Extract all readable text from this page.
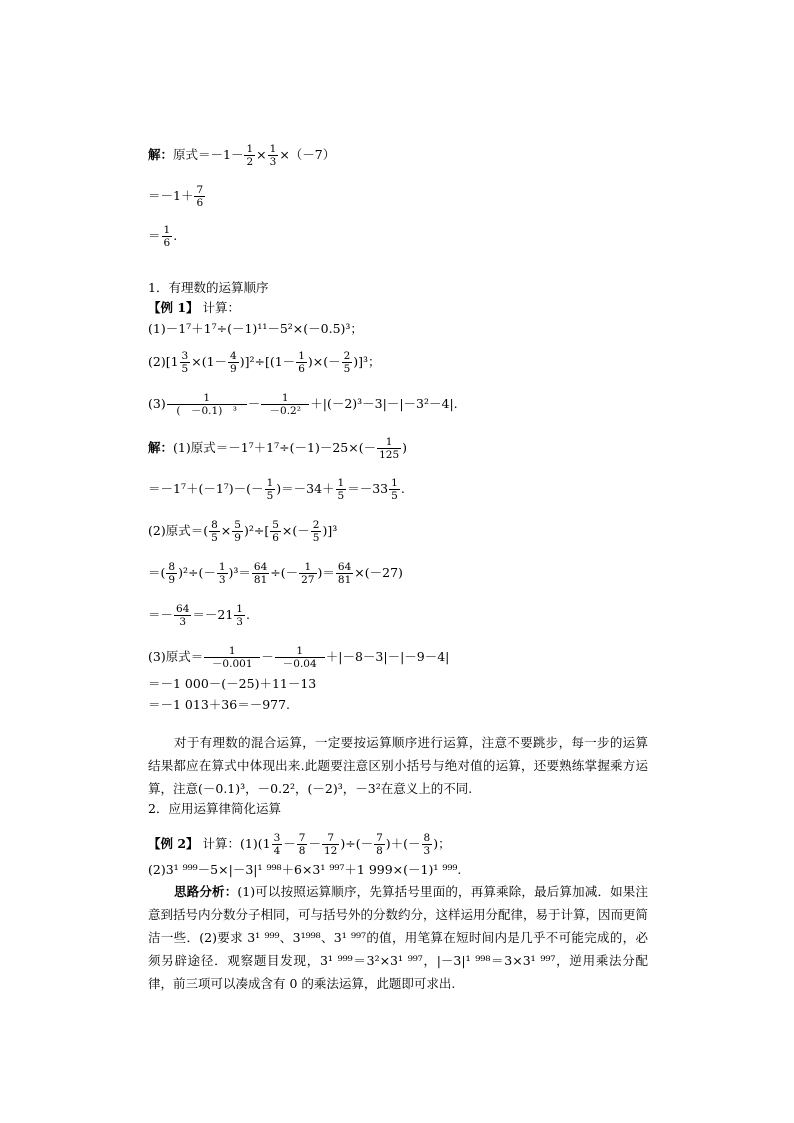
解：原式$=-1- \frac{1}{2} \times \frac{1}{3} \times(-7)$
$=-1+ \frac{7}{6}$
＝ $\frac{1}{6}$ .
1．有理数的运算顺序
【例 1】 计算：
(1)－1⁷＋1⁷÷(－1)¹¹－5²×(－0.5)³；
$(2)[1 \frac{3}{5} \times(1- \frac{4}{9} )]^2\div[(1- \frac{1}{6}$ )×(－ $\frac{2}{5} )]^3$；
$(3) \frac{1}{\text{(　－0.1)　³}} - \frac{1}{\text{－0.2²}} +|(-2)^3-3|-|-3^2-4|$.
解：(1)原式$=-1^7+1^7\div(-1)-25\times(- \frac{1}{125}$ )
$=-1^7+(-1^7)-(- \frac{1}{5} )=-34+ \frac{1}{5} =-33 \frac{1}{5}$ .
(2)原式＝( $\frac{8}{5} \times \frac{5}{9} )^2\div[ \frac{5}{6}$ ×(－ $\frac{2}{5} )]^3$
＝( $\frac{8}{9} )^2\div(- \frac{1}{3} )^3= \frac{64}{81}$ ÷(－ $\frac{1}{27}$ )＝ $\frac{64}{81} \times(-27)$
＝－ $\frac{64}{3} =-21 \frac{1}{3}$ .
(3)原式＝ $\frac{1}{-0.001} - \frac{1}{-0.04} +|-8-3|-|-9-4|$
＝－1 000－(－25)＋11－13
＝－1 013＋36＝－977.
对于有理数的混合运算，一定要按运算顺序进行运算，注意不要跳步，每一步的运算结果都应在算式中体现出来.此题要注意区别小括号与绝对值的运算，还要熟练掌握乘方运算，注意(－0.1)³，－0.2²，(－2)³，－3²在意义上的不同.
2．应用运算律简化运算
【例 2】 计算：$(1)(1 \frac{3}{4} - \frac{7}{8} - \frac{7}{12}$ )÷(－ $\frac{7}{8}$ )＋(－ $\frac{8}{3}$ )；
(2)3¹ ⁹⁹⁹－5×|－3|¹ ⁹⁹⁸＋6×3¹ ⁹⁹⁷＋1 999×(－1)¹ ⁹⁹⁹.
思路分析：(1)可以按照运算顺序，先算括号里面的，再算乘除，最后算加减．如果注意到括号内分数分子相同，可与括号外的分数约分，这样运用分配律，易于计算，因而更简洁一些．(2)要求 3¹ ⁹⁹⁹、3¹⁹⁹⁸、3¹ ⁹⁹⁷的值，用笔算在短时间内是几乎不可能完成的，必须另辟途径．观察题目发现，3¹ ⁹⁹⁹＝3²×3¹ ⁹⁹⁷，|－3|¹ ⁹⁹⁸＝3×3¹ ⁹⁹⁷，逆用乘法分配律，前三项可以凑成含有 0 的乘法运算，此题即可求出.
